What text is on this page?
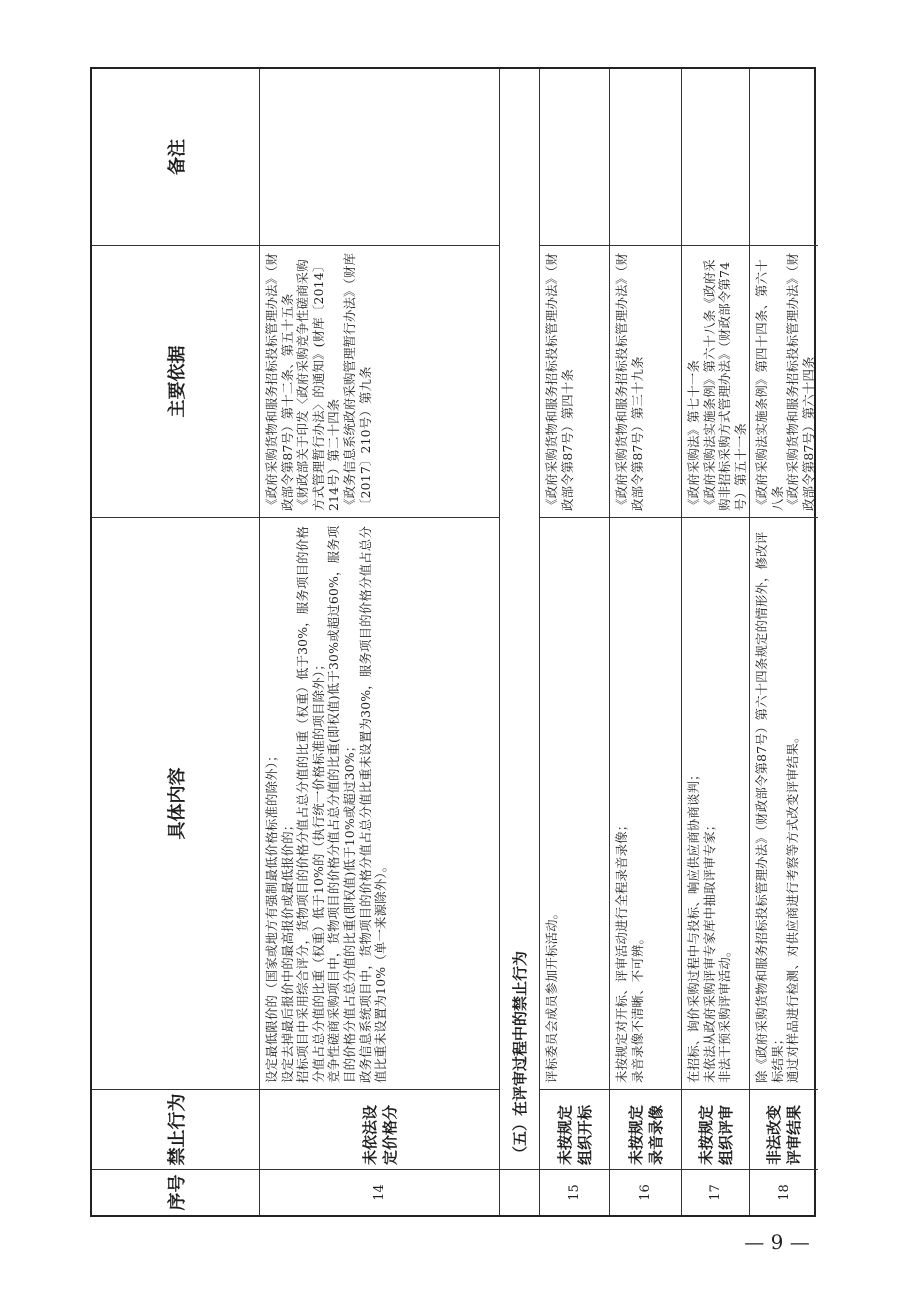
序号
禁止行为
具体内容
主要依据
备注
14
未依法设定价格分
设定最低限价的（国家或地方有强制最低价格标准的除外）；
设定去掉最后报价中的最高报价或最低报价的；
招标项目中采用综合评分，货物项目的价格分值占总分值的比重（权重）低于30%，服务项目的价格分值占总分值的比重（权重）低于10%的（执行统一价格标准的项目除外）；
竞争性磋商采购项目中，货物项目的价格分值占总分值的比重(即权值)低于30%或超过60%，服务项目的价格分值占总分值的比重(即权值)低于10%或超过30%；
政务信息系统项目中，货物项目的价格分值占总分值比重未设置为30%，服务项目的价格分值占总分值比重未设置为10%（单一来源除外）。
《政府采购货物和服务招标投标管理办法》（财政部令第87号）第十二条、第五十五条
《财政部关于印发〈政府采购竞争性磋商采购方式管理暂行办法〉的通知》(财库〔2014〕214号）第二十四条
《政务信息系统政府采购管理暂行办法》（财库〔2017〕210号）第九条
（五）在评审过程中的禁止行为
15
未按规定组织开标
评标委员会成员参加开标活动。
《政府采购货物和服务招标投标管理办法》（财政部令第87号）第四十条
16
未按规定录音录像
未按规定对开标、评审活动进行全程录音录像；
录音录像不清晰、不可辨。
《政府采购货物和服务招标投标管理办法》（财政部令第87号）第三十九条
17
未按规定组织评审
在招标、询价采购过程中与投标、响应供应商协商谈判；
未依法从政府采购评审专家库中抽取评审专家；
非法干预采购评审活动。
《政府采购法》第七十一条
《政府采购法实施条例》第六十八条《政府采购非招标采购方式管理办法》（财政部令第74号）第五十一条
18
非法改变评审结果
除《政府采购货物和服务招标投标管理办法》（财政部令第87号）第六十四条规定的情形外，修改评标结果；
通过对样品进行检测、对供应商进行考察等方式改变评审结果。
《政府采购法实施条例》第四十四条、第六十八条
《政府采购货物和服务招标投标管理办法》（财政部令第87号）第六十四条
— 9 —
